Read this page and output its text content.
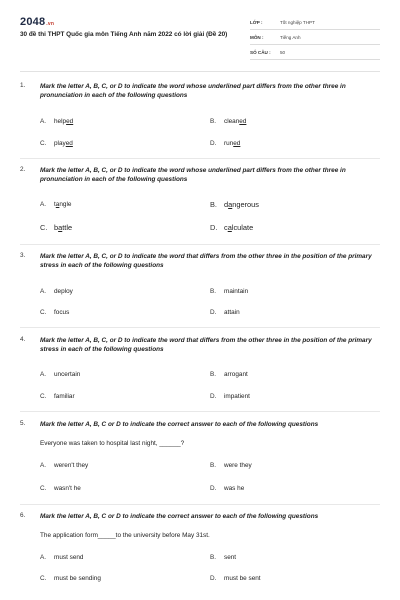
2048.vn
30 đề thi THPT Quốc gia môn Tiếng Anh năm 2022 có lời giải (Đề 20)
LỚP :	Tốt nghiệp THPT
MÔN :	Tiếng Anh
SỐ CÂU :	50
1. Mark the letter A, B, C, or D to indicate the word whose underlined part differs from the other three in pronunciation in each of the following questions
A. helped	B. cleaned
C. played	D. runed
2. Mark the letter A, B, C, or D to indicate the word whose underlined part differs from the other three in pronunciation in each of the following questions
A. tangle	B. dangerous
C. battle	D. calculate
3. Mark the letter A, B, C, or D to indicate the word that differs from the other three in the position of the primary stress in each of the following questions
A. deploy	B. maintain
C. focus	D. attain
4. Mark the letter A, B, C, or D to indicate the word that differs from the other three in the position of the primary stress in each of the following questions
A. uncertain	B. arrogant
C. familiar	D. impatient
5. Mark the letter A, B, C or D to indicate the correct answer to each of the following questions
Everyone was taken to hospital last night, ______?
A. weren't they	B. were they
C. wasn't he	D. was he
6. Mark the letter A, B, C or D to indicate the correct answer to each of the following questions
The application form_____to the university before May 31st.
A. must send	B. sent
C. must be sending	D. must be sent
